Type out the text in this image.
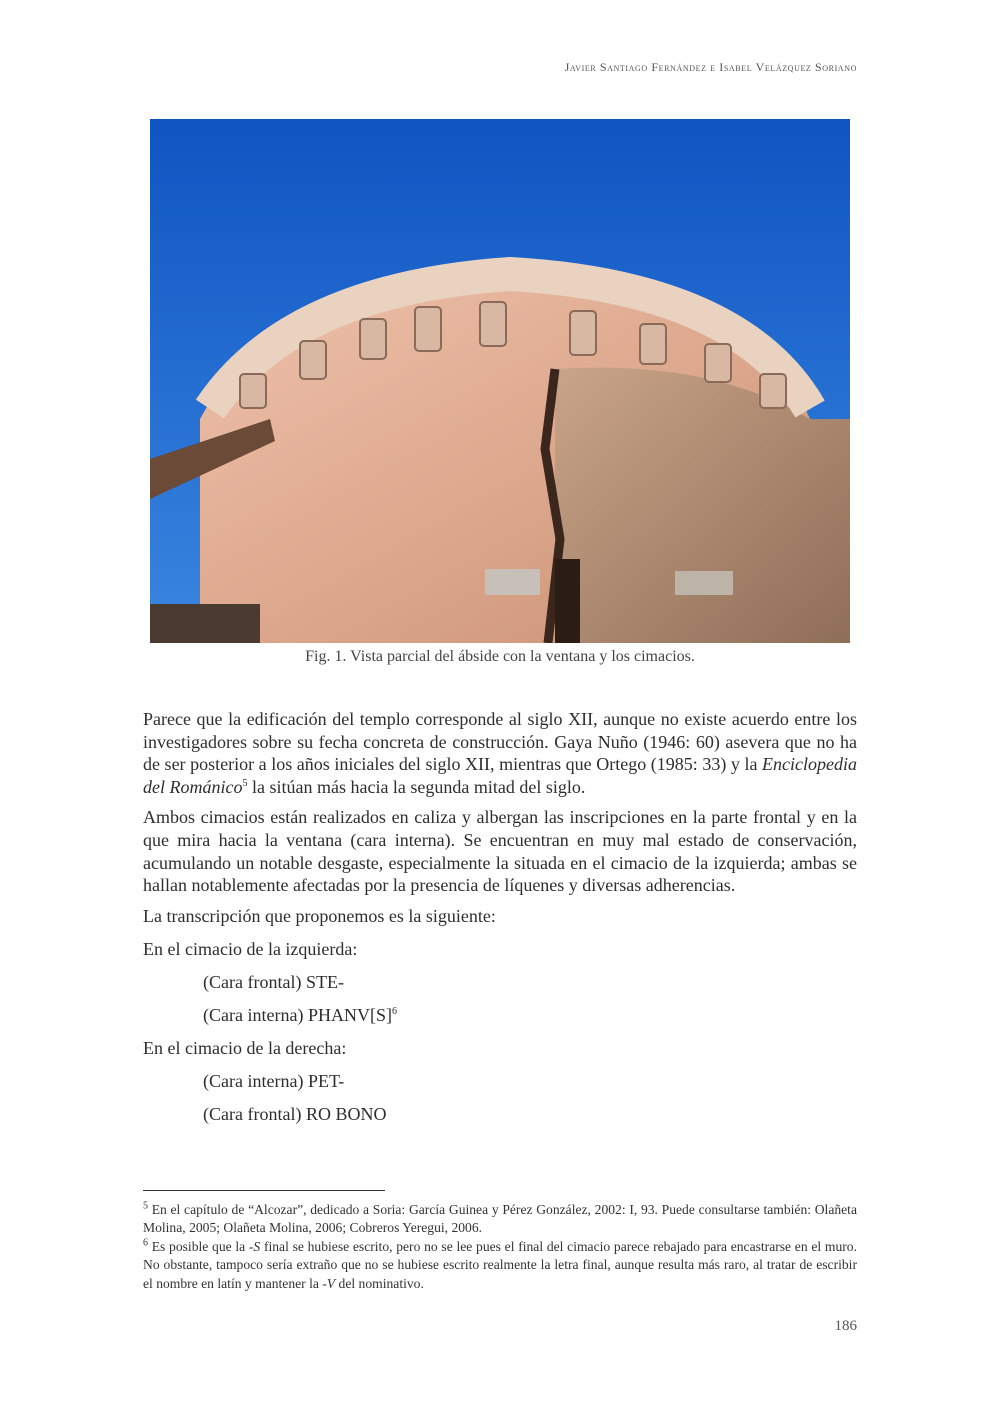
Javier Santiago Fernández e Isabel Velázquez Soriano
Fig. 1. Vista parcial del ábside con la ventana y los cimacios.

Parece que la edificación del templo corresponde al siglo XII, aunque no existe acuerdo entre los investigadores sobre su fecha concreta de construcción. Gaya Nuño (1946: 60) asevera que no ha de ser posterior a los años iniciales del siglo XII, mientras que Ortego (1985: 33) y la Enciclopedia del Románico$^5$ la sitúan más hacia la segunda mitad del siglo.

Ambos cimacios están realizados en caliza y albergan las inscripciones en la parte frontal y en la que mira hacia la ventana (cara interna). Se encuentran en muy mal estado de conservación, acumulando un notable desgaste, especialmente la situada en el cimacio de la izquierda; ambas se hallan notablemente afectadas por la presencia de líquenes y diversas adherencias.

La transcripción que proponemos es la siguiente:

En el cimacio de la izquierda:

(Cara frontal) STE-

(Cara interna) $PHANV[S]^6$

En el cimacio de la derecha:

(Cara interna) PET-

(Cara frontal) RO BONO

$^5$ En el capítulo de “Alcozar”, dedicado a Soria: García Guinea y Pérez González, 2002: I, 93. Puede consultarse también: Olañeta Molina, 2005; Olañeta Molina, 2006; Cobreros Yeregui, 2006.

$^6$ Es posible que la -S final se hubiese escrito, pero no se lee pues el final del cimacio parece rebajado para encastrarse en el muro. No obstante, tampoco sería extraño que no se hubiese escrito realmente la letra final, aunque resulta más raro, al tratar de escribir el nombre en latín y mantener la -V del nominativo.

186
